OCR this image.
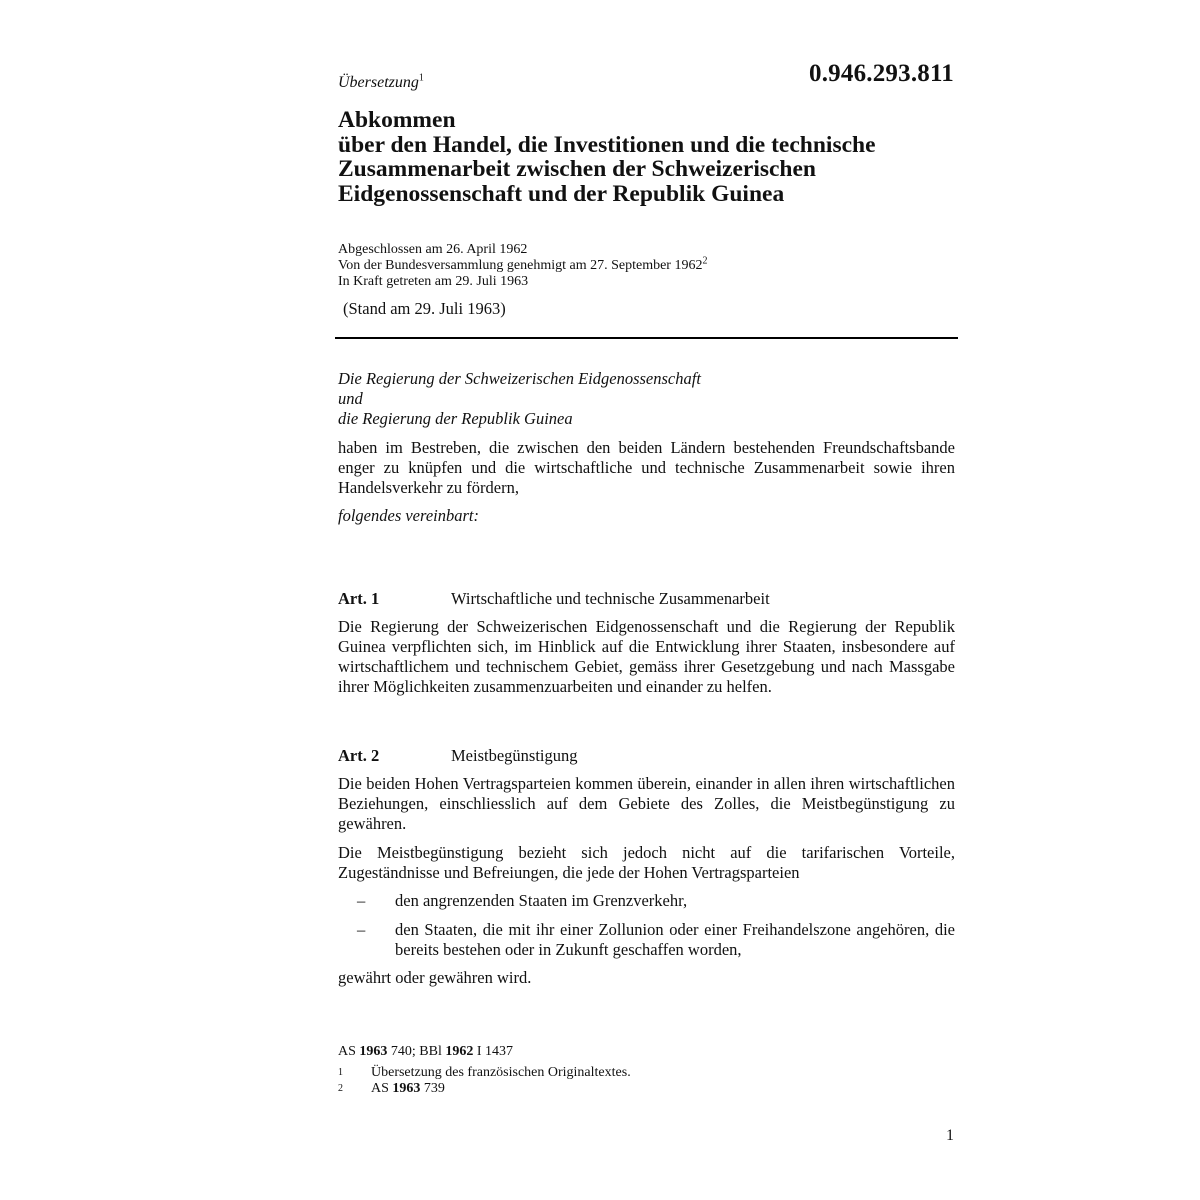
0.946.293.811
Übersetzung$^1$
Abkommen
über den Handel, die Investitionen und die technische
Zusammenarbeit zwischen der Schweizerischen
Eidgenossenschaft und der Republik Guinea
Abgeschlossen am 26. April 1962
Von der Bundesversammlung genehmigt am 27. September 1962$^2$
In Kraft getreten am 29. Juli 1963
(Stand am 29. Juli 1963)
Die Regierung der Schweizerischen Eidgenossenschaft
und
die Regierung der Republik Guinea

haben im Bestreben, die zwischen den beiden Ländern bestehenden Freundschaftsbande enger zu knüpfen und die wirtschaftliche und technische Zusammenarbeit sowie ihren Handelsverkehr zu fördern,

folgendes vereinbart:
Art. 1	Wirtschaftliche und technische Zusammenarbeit

Die Regierung der Schweizerischen Eidgenossenschaft und die Regierung der Republik Guinea verpflichten sich, im Hinblick auf die Entwicklung ihrer Staaten, insbesondere auf wirtschaftlichem und technischem Gebiet, gemäss ihrer Gesetzgebung und nach Massgabe ihrer Möglichkeiten zusammenzuarbeiten und einander zu helfen.

Art. 2	Meistbegünstigung

Die beiden Hohen Vertragsparteien kommen überein, einander in allen ihren wirtschaftlichen Beziehungen, einschliesslich auf dem Gebiete des Zolles, die Meistbegünstigung zu gewähren.

Die Meistbegünstigung bezieht sich jedoch nicht auf die tarifarischen Vorteile, Zugeständnisse und Befreiungen, die jede der Hohen Vertragsparteien

– den angrenzenden Staaten im Grenzverkehr,
– den Staaten, die mit ihr einer Zollunion oder einer Freihandelszone angehören, die bereits bestehen oder in Zukunft geschaffen worden,
gewährt oder gewähren wird.
AS 1963 740; BBl 1962 I 1437
1 Übersetzung des französischen Originaltextes.
2 AS 1963 739
1
